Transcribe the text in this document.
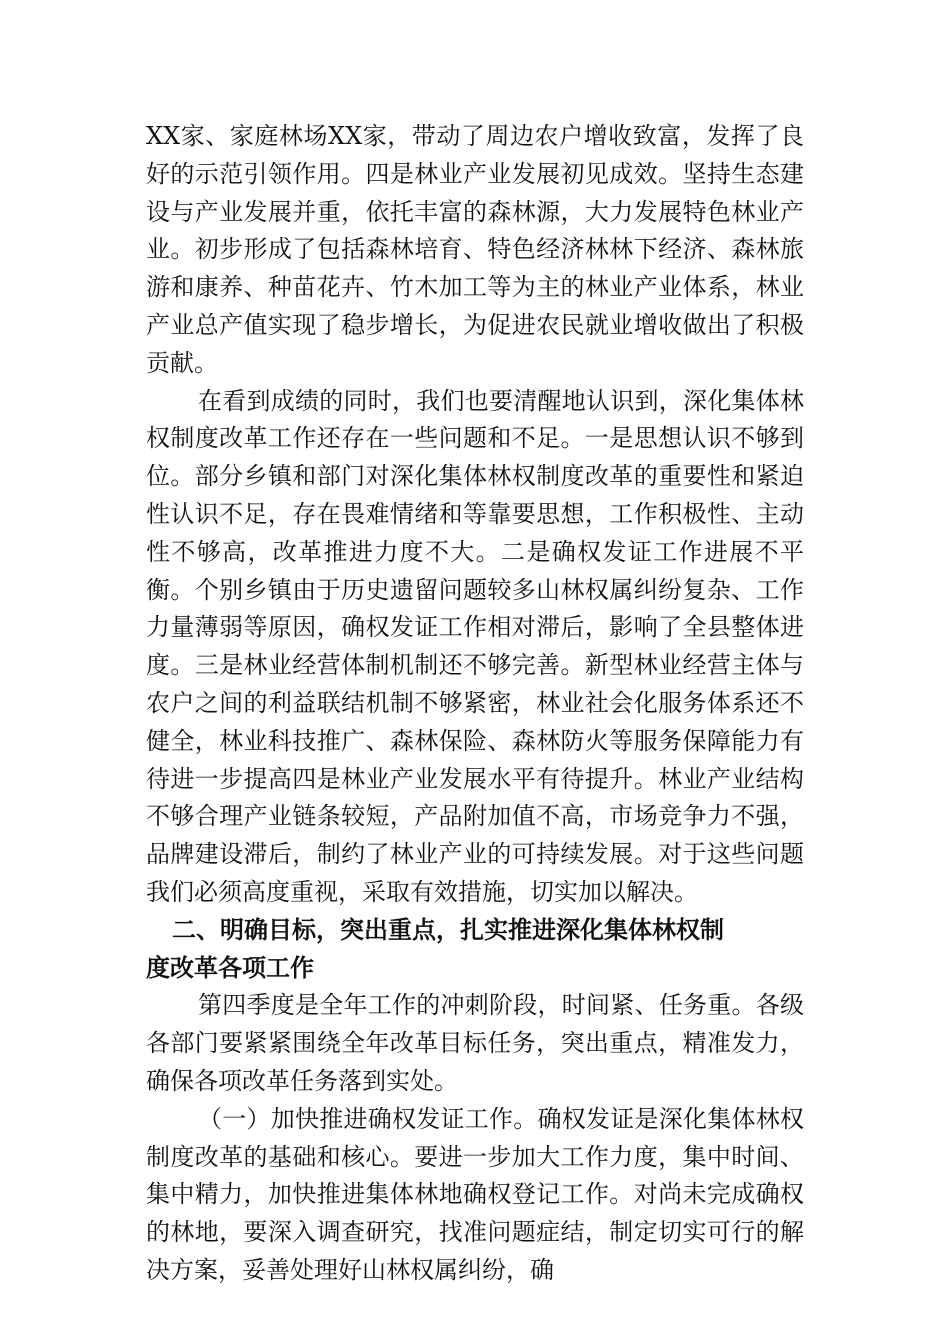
XX家、家庭林场XX家，带动了周边农户增收致富，发挥了良好的示范引领作用。四是林业产业发展初见成效。坚持生态建设与产业发展并重，依托丰富的森林源，大力发展特色林业产业。初步形成了包括森林培育、特色经济林林下经济、森林旅游和康养、种苗花卉、竹木加工等为主的林业产业体系，林业产业总产值实现了稳步增长，为促进农民就业增收做出了积极贡献。

在看到成绩的同时，我们也要清醒地认识到，深化集体林权制度改革工作还存在一些问题和不足。一是思想认识不够到位。部分乡镇和部门对深化集体林权制度改革的重要性和紧迫性认识不足，存在畏难情绪和等靠要思想，工作积极性、主动性不够高，改革推进力度不大。二是确权发证工作进展不平衡。个别乡镇由于历史遗留问题较多山林权属纠纷复杂、工作力量薄弱等原因，确权发证工作相对滞后，影响了全县整体进度。三是林业经营体制机制还不够完善。新型林业经营主体与农户之间的利益联结机制不够紧密，林业社会化服务体系还不健全，林业科技推广、森林保险、森林防火等服务保障能力有待进一步提高四是林业产业发展水平有待提升。林业产业结构不够合理产业链条较短，产品附加值不高，市场竞争力不强，品牌建设滞后，制约了林业产业的可持续发展。对于这些问题我们必须高度重视，采取有效措施，切实加以解决。

二、明确目标，突出重点，扎实推进深化集体林权制
度改革各项工作

第四季度是全年工作的冲刺阶段，时间紧、任务重。各级各部门要紧紧围绕全年改革目标任务，突出重点，精准发力，确保各项改革任务落到实处。

（一）加快推进确权发证工作。确权发证是深化集体林权制度改革的基础和核心。要进一步加大工作力度，集中时间、集中精力，加快推进集体林地确权登记工作。对尚未完成确权的林地，要深入调查研究，找准问题症结，制定切实可行的解决方案，妥善处理好山林权属纠纷，确
